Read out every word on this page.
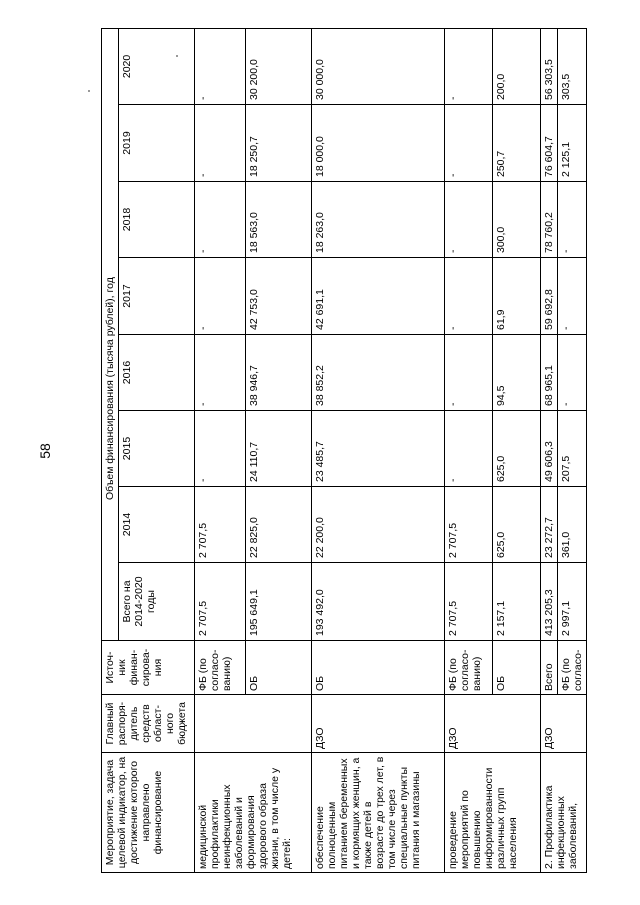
58
Мероприятие, задача целевой индикатор, на достижение которого направлено финансирование	Главный распоря-дитель средств област-ного бюджета	Источ-ник финан-сирова-ния	Объем финансирования (тысяча рублей), год							
			Всего на 2014-2020 годы	2014	2015	2016	2017	2018	2019	2020
медицинской профилактики неинфекционных заболеваний и формирования здорового образа жизни, в том числе у детей:		ФБ (по согласо-ванию)	2 707,5	2 707,5	-	-	-	-	-	-
		ОБ	195 649,1	22 825,0	24 110,7	38 946,7	42 753,0	18 563,0	18 250,7	30 200,0
обеспечение полноценным питанием беременных и кормящих женщин, а также детей в возрасте до трех лет, в том числе через специальные пункты питания и магазины	ДЗО	ОБ	193 492,0	22 200,0	23 485,7	38 852,2	42 691,1	18 263,0	18 000,0	30 000,0
проведение мероприятий по повышению информированности различных групп населения	ДЗО	ФБ (по согласо-ванию)	2 707,5	2 707,5	-	-	-	-	-	-
		ОБ	2 157,1	625,0	625,0	94,5	61,9	300,0	250,7	200,0
2. Профилактика инфекционных заболеваний,	ДЗО	Всего	413 205,3	23 272,7	49 606,3	68 965,1	59 692,8	78 760,2	76 604,7	56 303,5
		ФБ (по согласо-	2 997,1	361,0	207,5	-	-	-	2 125,1	303,5
